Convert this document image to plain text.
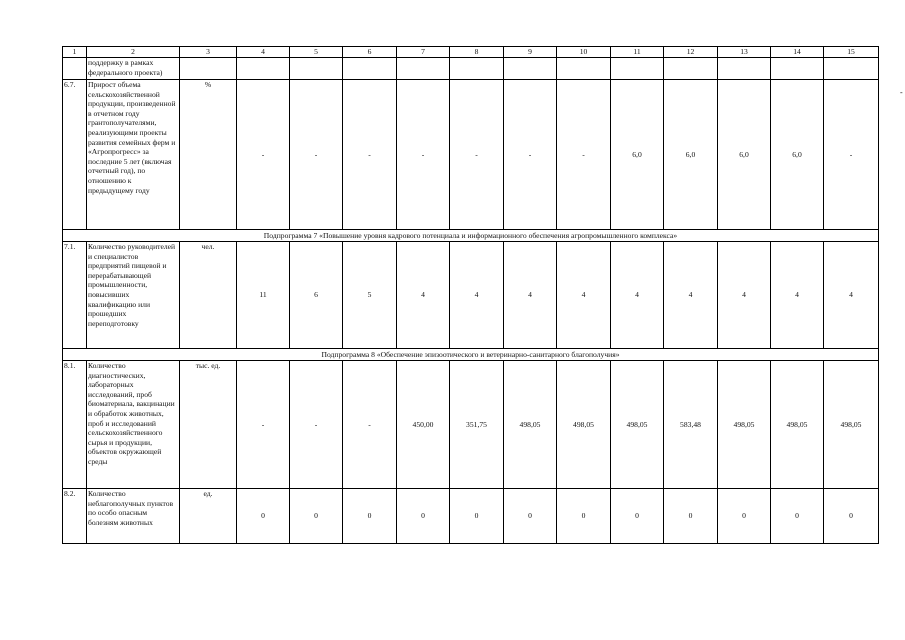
1	2	3	4	5	6	7	8	9	10	11	12	13	14	15
	поддержку в рамках федерального проекта)													
6.7.	Прирост объема сельскохозяйственной продукции, произведенной в отчетном году грантополучателями, реализующими проекты развития семейных ферм и «Агропрогресс» за последние 5 лет (включая отчетный год), по отношению к предыдущему году	%	-	-	-	-	-	-	-	6,0	6,0	6,0	6,0	-
Подпрограмма 7 «Повышение уровня кадрового потенциала и информационного обеспечения агропромышленного комплекса»														
7.1.	Количество руководителей и специалистов предприятий пищевой и перерабатывающей промышленности, повысивших квалификацию или прошедших переподготовку	чел.	11	6	5	4	4	4	4	4	4	4	4	4
Подпрограмма 8 «Обеспечение эпизоотического и ветеринарно-санитарного благополучия»														
8.1.	Количество диагностических, лабораторных исследований, проб биоматериала, вакцинации и обработок животных, проб и исследований сельскохозяйственного сырья и продукции, объектов окружающей среды	тыс. ед.	-	-	-	450,00	351,75	498,05	498,05	498,05	583,48	498,05	498,05	498,05
8.2.	Количество неблагополучных пунктов по особо опасным болезням животных	ед.	0	0	0	0	0	0	0	0	0	0	0	0
-
